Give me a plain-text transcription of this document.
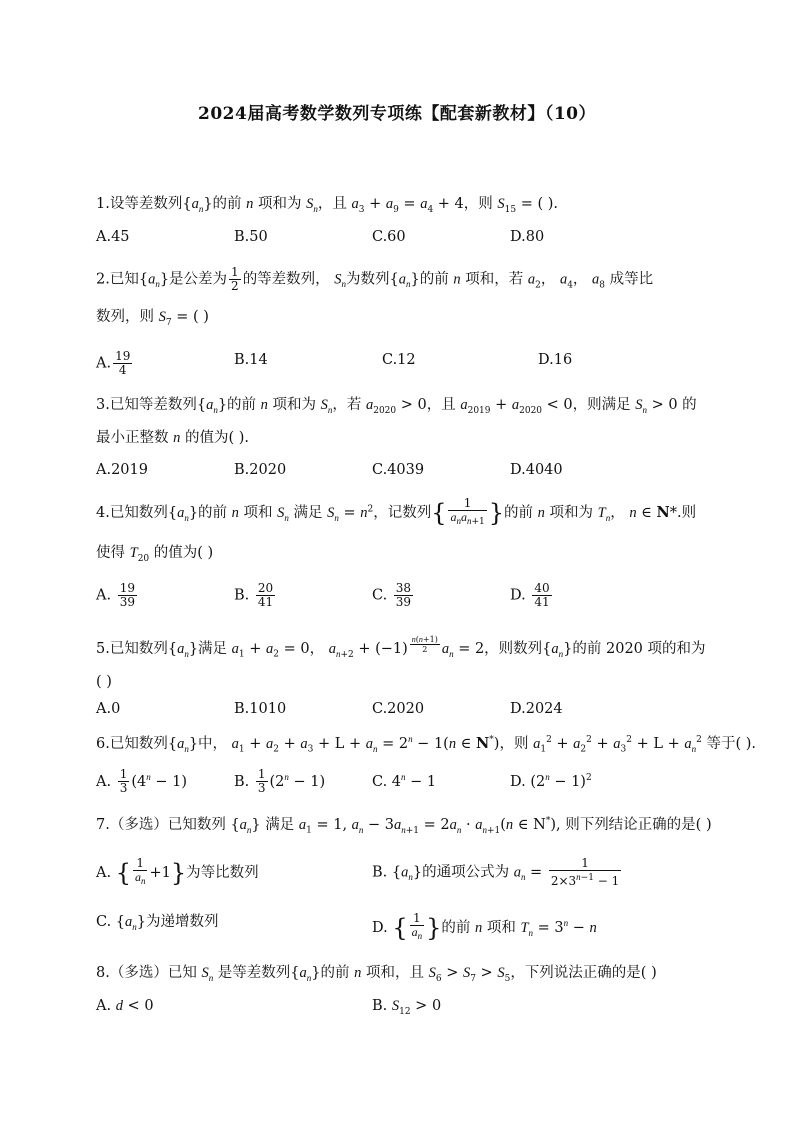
2024届高考数学数列专项练【配套新教材】（10）
1.设等差数列$\{a_n\}$的前 n 项和为 $S_n$，且 $a_3 + a_9 = a_4 + 4$，则 $S_{15}$ = ( ).
A.45	B.50	C.60	D.80
2.已知$\{a_n\}$是公差为 $\frac{1}{2}$ 的等差数列， $S_n$为数列$\{a_n\}$的前 n 项和，若 $a_2$， $a_4$， $a_8$ 成等比
数列，则 $S_7$ = ( )
A. $\frac{19}{4}$	B.14	C.12	D.16
3.已知等差数列$\{a_n\}$的前 n 项和为 $S_n$，若 $a_{2020} > 0$，且 $a_{2019} + a_{2020} < 0$，则满足 $S_n > 0$ 的
最小正整数 n 的值为( ).
A.2019	B.2020	C.4039	D.4040
4.已知数列$\{a_n\}$的前 n 项和 $S_n$ 满足 $S_n = n^2$，记数列{ $\frac{1}{a_na_{n+1}}$ }的前 n 项和为 $T_n$， n ∈ N*.则
使得 $T_{20}$ 的值为( )
A. $\frac{19}{39}$	B. $\frac{20}{41}$	C. $\frac{38}{39}$	D. $\frac{40}{41}$
5.已知数列$\{a_n\}$满足 $a_1 + a_2 = 0$， $a_{n+2} + (-1)$ $^{\frac{n(n+1)}{2}}$ $a_n = 2$，则数列$\{a_n\}$的前 2020 项的和为
( )
A.0	B.1010	C.2020	D.2024
6.已知数列$\{a_n\}$中， $a_1 + a_2 + a_3 + L + a_n = 2^n - 1(n$ ∈ N*)，则 $a_1^2 + a_2^2 + a_3^2 + L + a_n^2$ 等于( ).
A. $\frac{1}{3} (4^n - 1)$	B. $\frac{1}{3} (2^n - 1)$	C. $4^n - 1$	D. $(2^n - 1)^2$
7.（多选）已知数列 $\{a_n\}$ 满足 $a_1 = 1$, $a_n - 3a_{n+1} = 2a_n \cdot a_{n+1}(n$ ∈ N*), 则下列结论正确的是( )
A. { $\frac{1}{a_n} +1$}为等比数列	B. $\{a_n\}$的通项公式为 $a_n = \frac{1}{2\times 3^{n-1} - 1}$
C. $\{a_n\}$为递增数列	D. { $\frac{1}{a_n}$ }的前 n 项和 $T_n = 3^n - n$
8.（多选）已知 $S_n$ 是等差数列$\{a_n\}$的前 n 项和，且 $S_6 > S_7 > S_5$，下列说法正确的是( )
A. d < 0	B. $S_{12} > 0$
